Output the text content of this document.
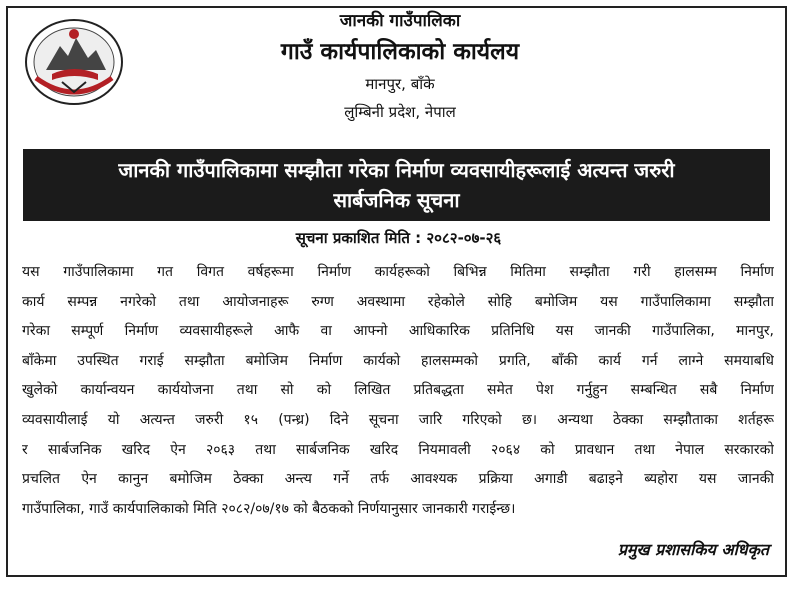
जानकी गाउँपालिका
गाउँ कार्यपालिकाको कार्यलय
मानपुर, बाँके
लुम्बिनी प्रदेश, नेपाल
जानकी गाउँपालिकामा सम्झौता गरेका निर्माण व्यवसायीहरूलाई अत्यन्त जरुरी
सार्बजनिक सूचना
सूचना प्रकाशित मिति : २०८२-०७-२६
यस गाउँपालिकामा गत विगत वर्षहरूमा निर्माण कार्यहरूको बिभिन्न मितिमा सम्झौता गरी हालसम्म निर्माण
कार्य सम्पन्न नगरेको तथा आयोजनाहरू रुग्ण अवस्थामा रहेकोले सोहि बमोजिम यस गाउँपालिकामा सम्झौता
गरेका सम्पूर्ण निर्माण व्यवसायीहरूले आफै वा आफ्नो आधिकारिक प्रतिनिधि यस जानकी गाउँपालिका, मानपुर,
बाँकेमा उपस्थित गराई सम्झौता बमोजिम निर्माण कार्यको हालसम्मको प्रगति, बाँकी कार्य गर्न लाग्ने समयाबधि
खुलेको कार्यान्वयन कार्ययोजना तथा सो को लिखित प्रतिबद्धता समेत पेश गर्नुहुन सम्बन्धित सबै निर्माण
व्यवसायीलाई यो अत्यन्त जरुरी १५ (पन्ध्र) दिने सूचना जारि गरिएको छ। अन्यथा ठेक्का सम्झौताका शर्तहरू
र सार्बजनिक खरिद ऐन २०६३ तथा सार्बजनिक खरिद नियमावली २०६४ को प्रावधान तथा नेपाल सरकारको
प्रचलित ऐन कानुन बमोजिम ठेक्का अन्त्य गर्ने तर्फ आवश्यक प्रक्रिया अगाडी बढाइने ब्यहोरा यस जानकी
गाउँपालिका, गाउँ कार्यपालिकाको मिति २०८२/०७/१७ को बैठकको निर्णयानुसार जानकारी गराईन्छ।
प्रमुख प्रशासकिय अधिकृत
